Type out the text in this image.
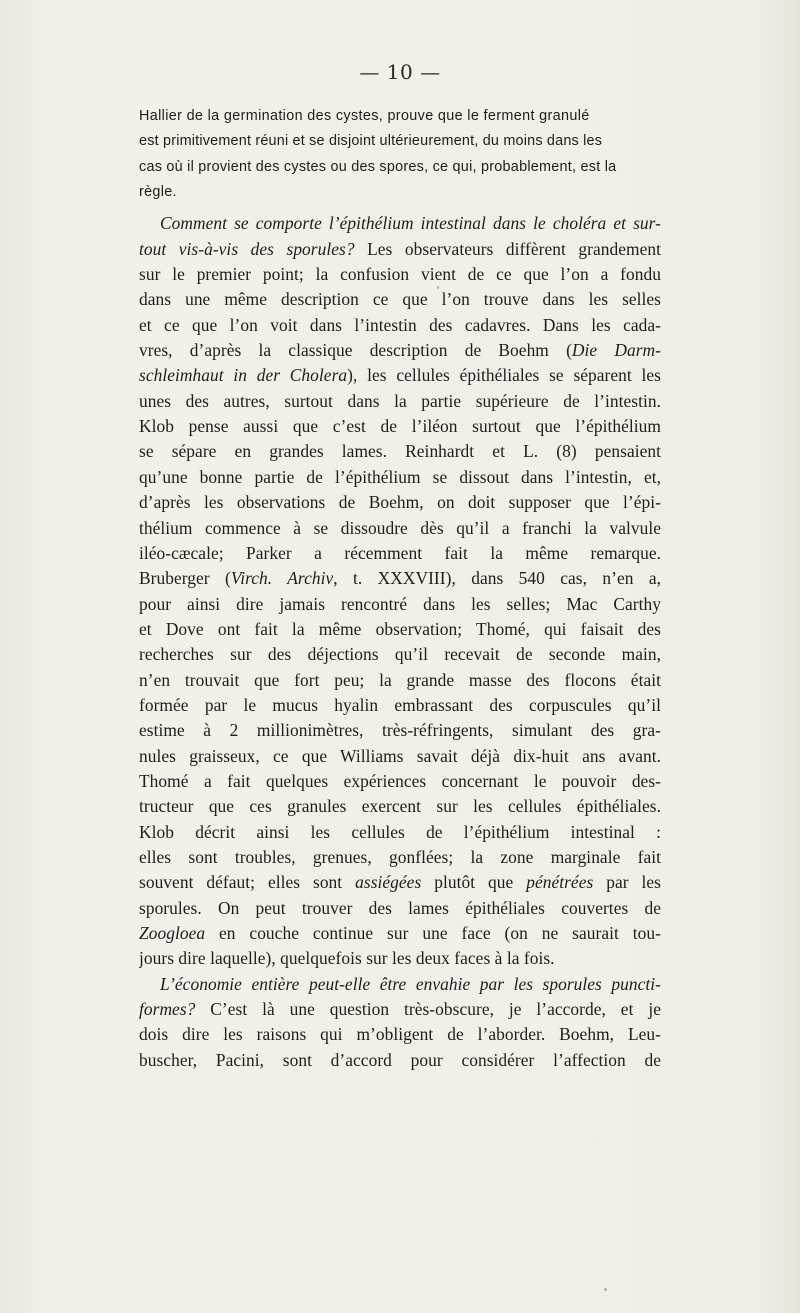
— 10 —
Hallier de la germination des cystes, prouve que le ferment granulé
est primitivement réuni et se disjoint ultérieurement, du moins dans les
cas où il provient des cystes ou des spores, ce qui, probablement, est la
règle.
Comment se comporte l’épithélium intestinal dans le choléra et sur-
tout vis-à-vis des sporules? Les observateurs diffèrent grandement
sur le premier point; la confusion vient de ce que l’on a fondu
dans une même description ce que l’on trouve dans les selles
et ce que l’on voit dans l’intestin des cadavres. Dans les cada-
vres, d’après la classique description de Boehm (Die Darm-
schleimhaut in der Cholera), les cellules épithéliales se séparent les
unes des autres, surtout dans la partie supérieure de l’intestin.
Klob pense aussi que c’est de l’iléon surtout que l’épithélium
se sépare en grandes lames. Reinhardt et L. (8) pensaient
qu’une bonne partie de l’épithélium se dissout dans l’intestin, et,
d’après les observations de Boehm, on doit supposer que l’épi-
thélium commence à se dissoudre dès qu’il a franchi la valvule
iléo-cæcale; Parker a récemment fait la même remarque.
Bruberger (Virch. Archiv, t. XXXVIII), dans 540 cas, n’en a,
pour ainsi dire jamais rencontré dans les selles; Mac Carthy
et Dove ont fait la même observation; Thomé, qui faisait des
recherches sur des déjections qu’il recevait de seconde main,
n’en trouvait que fort peu; la grande masse des flocons était
formée par le mucus hyalin embrassant des corpuscules qu’il
estime à 2 millionimètres, très-réfringents, simulant des gra-
nules graisseux, ce que Williams savait déjà dix-huit ans avant.
Thomé a fait quelques expériences concernant le pouvoir des-
tructeur que ces granules exercent sur les cellules épithéliales.
Klob décrit ainsi les cellules de l’épithélium intestinal :
elles sont troubles, grenues, gonflées; la zone marginale fait
souvent défaut; elles sont assiégées plutôt que pénétrées par les
sporules. On peut trouver des lames épithéliales couvertes de
Zoogloea en couche continue sur une face (on ne saurait tou-
jours dire laquelle), quelquefois sur les deux faces à la fois.
L’économie entière peut-elle être envahie par les sporules puncti-
formes? C’est là une question très-obscure, je l’accorde, et je
dois dire les raisons qui m’obligent de l’aborder. Boehm, Leu-
buscher, Pacini, sont d’accord pour considérer l’affection de
